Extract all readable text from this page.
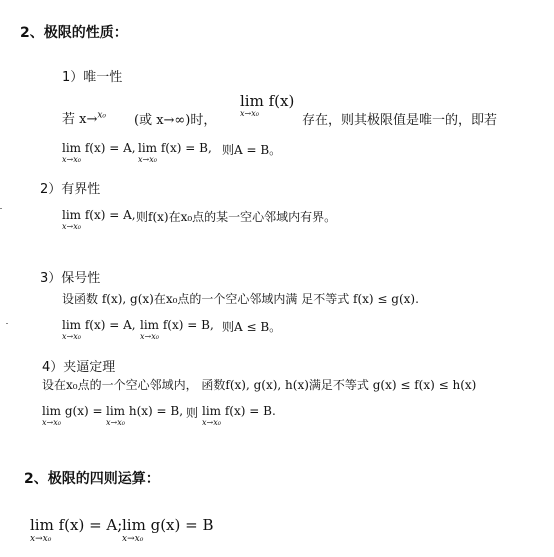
2、极限的性质：
1）唯一性
若 x→$^{x_0}$ (或 x→∞)时，
lim f(x)
x→x₀	存在，则其极限值是唯一的，即若
lim f(x) = A,
x→x₀
lim f(x) = B,
x→x₀
则A = B。
2）有界性
lim f(x) = A,
x→x₀
则f(x)在x₀点的某一空心邻域内有界。
3）保号性
设函数 f(x), g(x)在x₀点的一个空心邻域内满 足不等式 f(x) ≤ g(x).
lim f(x) = A,
x→x₀
lim f(x) = B,
x→x₀
则A ≤ B。
4）夹逼定理
设在x₀点的一个空心邻域内， 函数f(x), g(x), h(x)满足不等式 g(x) ≤ f(x) ≤ h(x)
lim g(x) =
x→x₀
lim h(x) = B,
x→x₀
则 lim f(x) = B.
x→x₀
2、极限的四则运算：
lim f(x) = A;
x→x₀
lim g(x) = B
x→x₀
